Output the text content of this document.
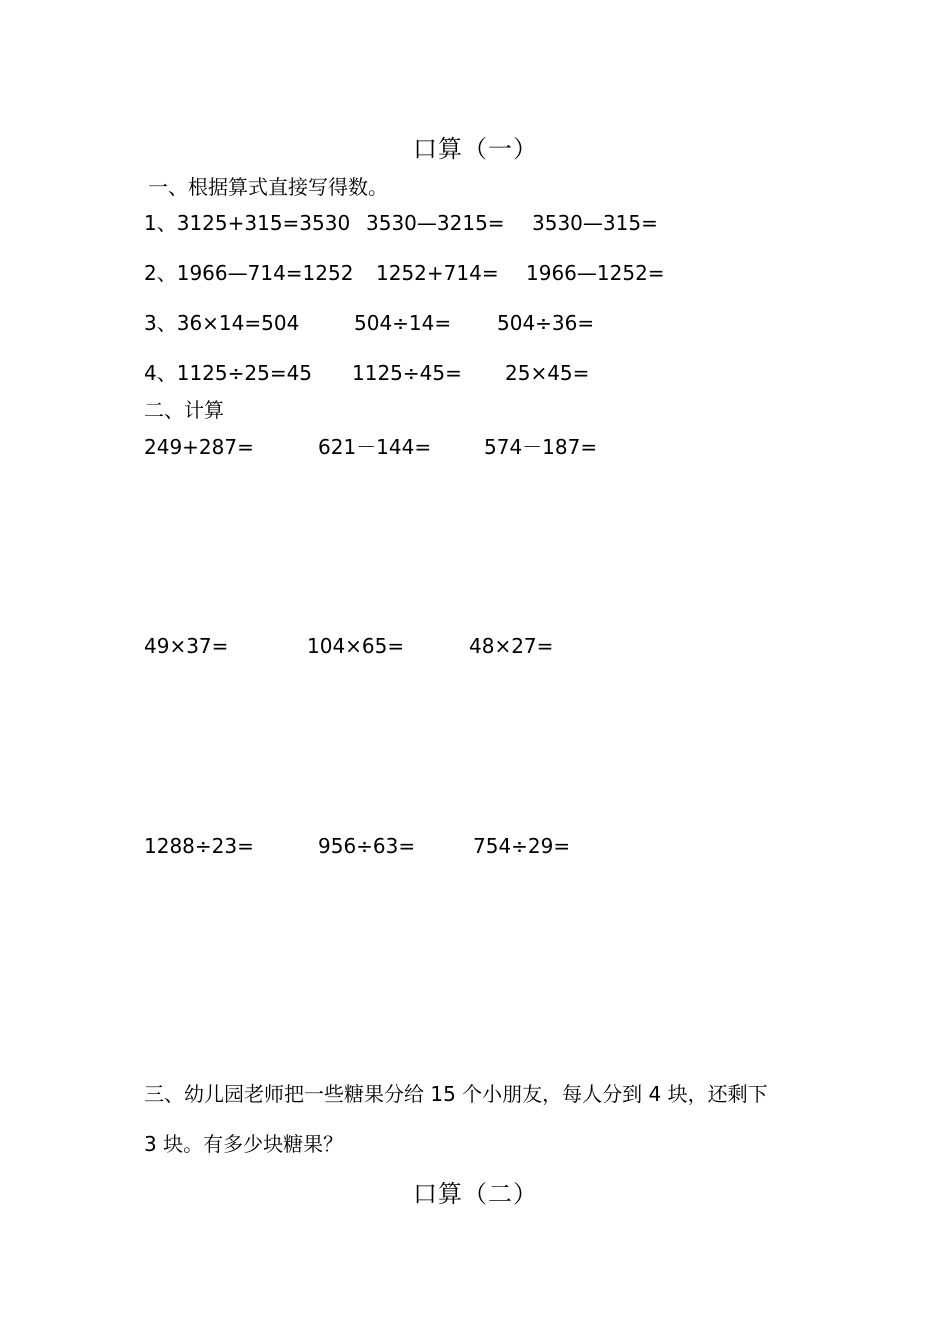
口算（一）
一、根据算式直接写得数。
1、3125+315=3530 3530—3215= 3530—315=
2、1966—714=1252 1252+714= 1966—1252=
3、36×14=504	504÷14= 504÷36=
4、1125÷25=45 1125÷45= 25×45=
二、计算
249+287=	621－144=	574－187=
49×37=	104×65=	48×27=
1288÷23=	956÷63=	754÷29=
三、幼儿园老师把一些糖果分给 15 个小朋友，每人分到 4 块，还剩下
3 块。有多少块糖果？
口算（二）
